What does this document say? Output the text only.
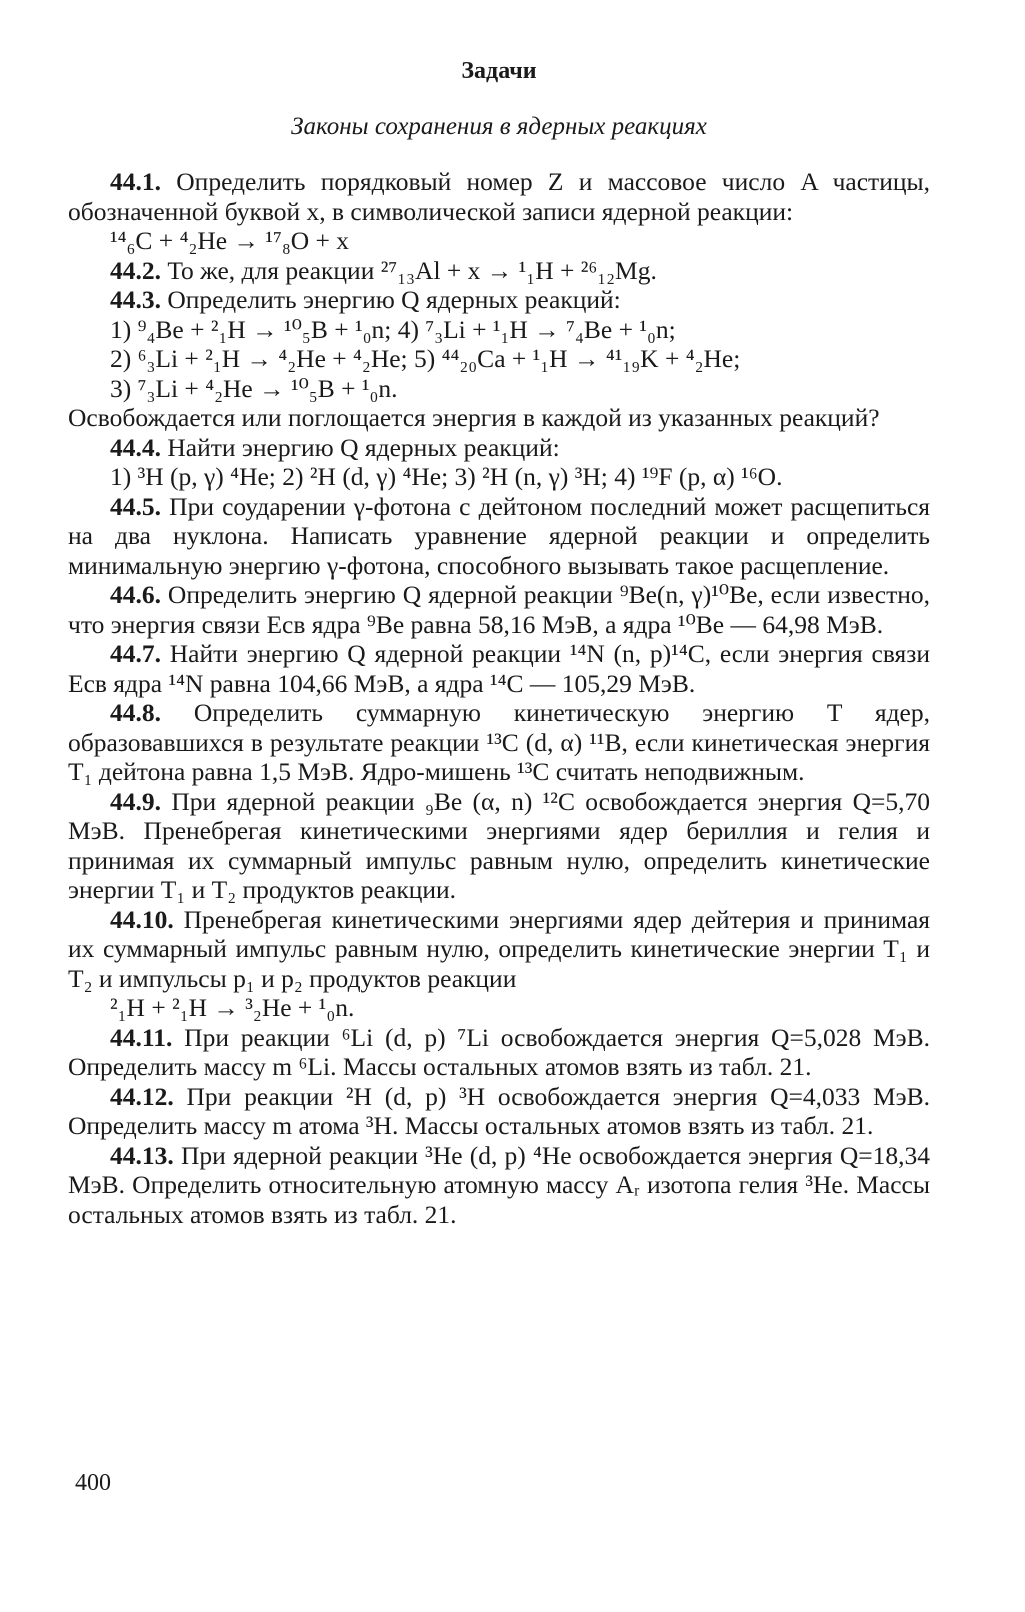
Задачи
Законы сохранения в ядерных реакциях

44.1. Определить порядковый номер Z и массовое число A частицы, обозначенной буквой x, в символической записи ядерной реакции:

¹⁴₆C + ⁴₂He → ¹⁷₈O + x

44.2. То же, для реакции ²⁷₁₃Al + x → ¹₁H + ²⁶₁₂Mg.

44.3. Определить энергию Q ядерных реакций:

1) ⁹₄Be + ²₁H → ¹⁰₅B + ¹₀n; 4) ⁷₃Li + ¹₁H → ⁷₄Be + ¹₀n;

2) ⁶₃Li + ²₁H → ⁴₂He + ⁴₂He; 5) ⁴⁴₂₀Ca + ¹₁H → ⁴¹₁₉K + ⁴₂He;

3) ⁷₃Li + ⁴₂He → ¹⁰₅B + ¹₀n.

Освобождается или поглощается энергия в каждой из указанных реакций?

44.4. Найти энергию Q ядерных реакций:

1) ³H (p, γ) ⁴He; 2) ²H (d, γ) ⁴He; 3) ²H (n, γ) ³H; 4) ¹⁹F (p, α) ¹⁶O.

44.5. При соударении γ-фотона с дейтоном последний может расщепиться на два нуклона. Написать уравнение ядерной реакции и определить минимальную энергию γ-фотона, способного вызывать такое расщепление.

44.6. Определить энергию Q ядерной реакции ⁹Be(n, γ)¹⁰Be, если известно, что энергия связи Eсв ядра ⁹Be равна 58,16 МэВ, а ядра ¹⁰Be — 64,98 МэВ.

44.7. Найти энергию Q ядерной реакции ¹⁴N (n, p)¹⁴C, если энергия связи Eсв ядра ¹⁴N равна 104,66 МэВ, а ядра ¹⁴C — 105,29 МэВ.

44.8. Определить суммарную кинетическую энергию T ядер, образовавшихся в результате реакции ¹³C (d, α) ¹¹B, если кинетическая энергия T₁ дейтона равна 1,5 МэВ. Ядро-мишень ¹³C считать неподвижным.

44.9. При ядерной реакции ₉Be (α, n) ¹²C освобождается энергия Q=5,70 МэВ. Пренебрегая кинетическими энергиями ядер бериллия и гелия и принимая их суммарный импульс равным нулю, определить кинетические энергии T₁ и T₂ продуктов реакции.

44.10. Пренебрегая кинетическими энергиями ядер дейтерия и принимая их суммарный импульс равным нулю, определить кинетические энергии T₁ и T₂ и импульсы p₁ и p₂ продуктов реакции

²₁H + ²₁H → ³₂He + ¹₀n.

44.11. При реакции ⁶Li (d, p) ⁷Li освобождается энергия Q=5,028 МэВ. Определить массу m ⁶Li. Массы остальных атомов взять из табл. 21.

44.12. При реакции ²H (d, p) ³H освобождается энергия Q=4,033 МэВ. Определить массу m атома ³H. Массы остальных атомов взять из табл. 21.

44.13. При ядерной реакции ³He (d, p) ⁴He освобождается энергия Q=18,34 МэВ. Определить относительную атомную массу Aᵣ изотопа гелия ³He. Массы остальных атомов взять из табл. 21.

400
